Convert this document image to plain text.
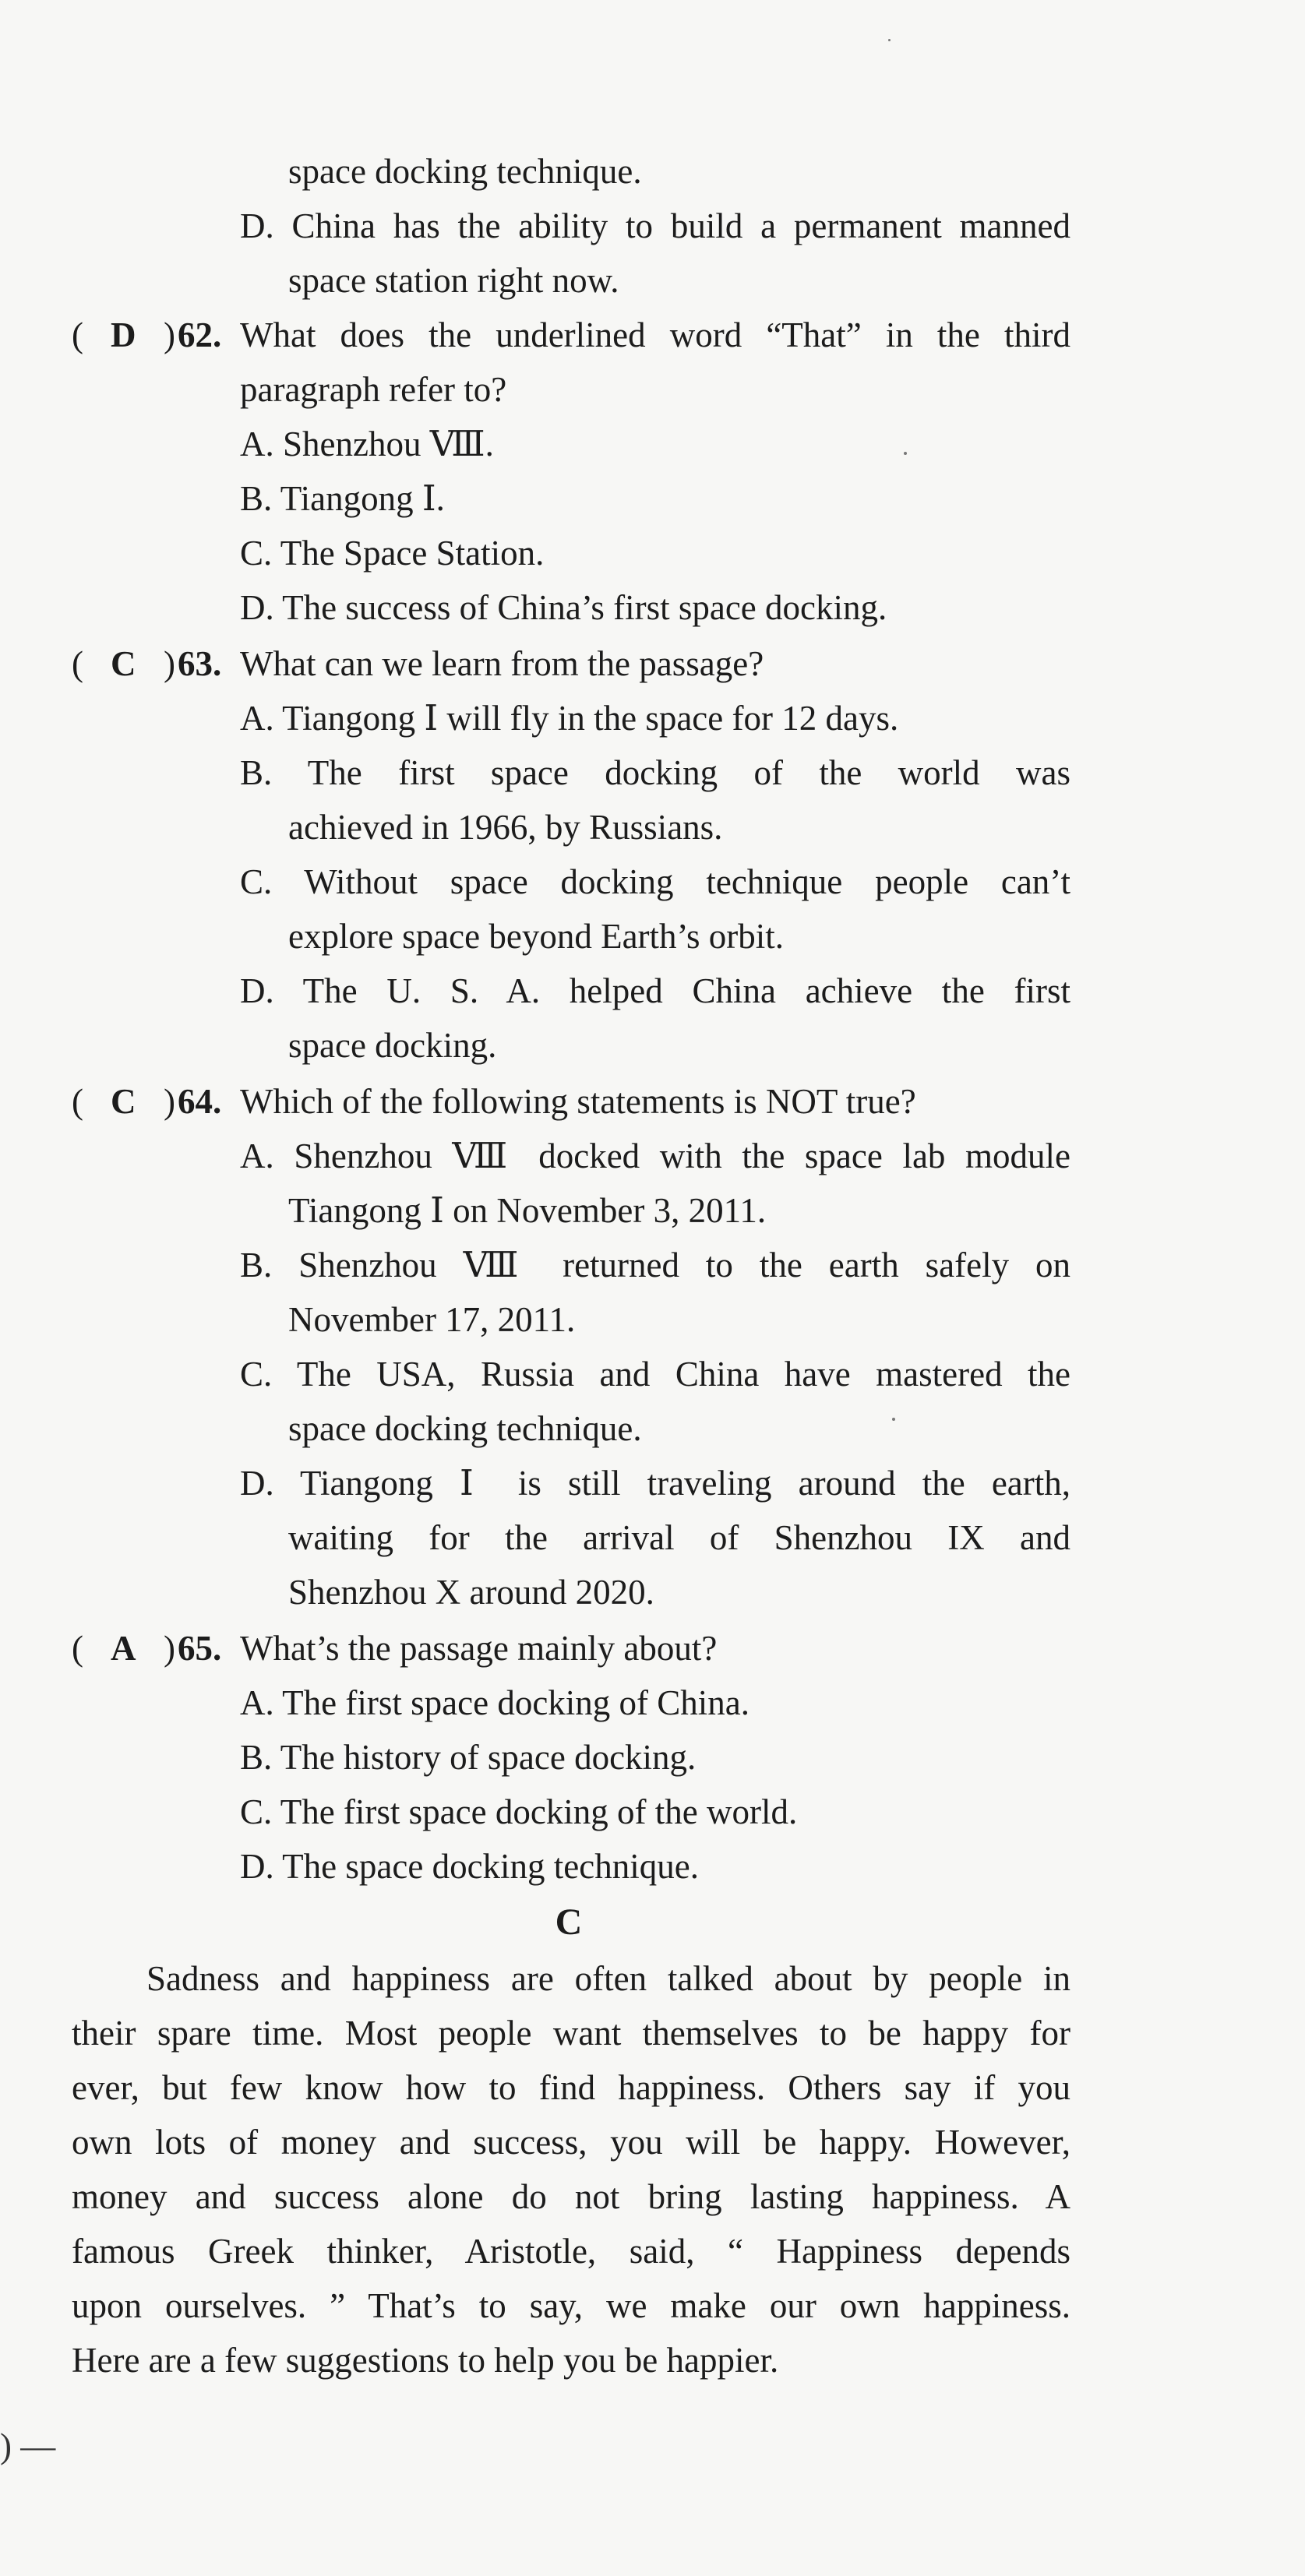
space docking technique.
D. China has the ability to build a permanent manned
space station right now.
( D ) 62. What does the underlined word “That” in the third
paragraph refer to?
A. Shenzhou Ⅷ.
B. Tiangong Ⅰ.
C. The Space Station.
D. The success of China’s first space docking.
( C ) 63. What can we learn from the passage?
A. Tiangong Ⅰ will fly in the space for 12 days.
B. The first space docking of the world was
achieved in 1966, by Russians.
C. Without space docking technique people can’t
explore space beyond Earth’s orbit.
D. The U. S. A. helped China achieve the first
space docking.
( C ) 64. Which of the following statements is NOT true?
A. Shenzhou Ⅷ docked with the space lab module
Tiangong Ⅰ on November 3, 2011.
B. Shenzhou Ⅷ returned to the earth safely on
November 17, 2011.
C. The USA, Russia and China have mastered the
space docking technique.
D. Tiangong Ⅰ is still traveling around the earth,
waiting for the arrival of Shenzhou IX and
Shenzhou X around 2020.
( A ) 65. What’s the passage mainly about?
A. The first space docking of China.
B. The history of space docking.
C. The first space docking of the world.
D. The space docking technique.
C
Sadness and happiness are often talked about by people in
their spare time. Most people want themselves to be happy for
ever, but few know how to find happiness. Others say if you
own lots of money and success, you will be happy. However,
money and success alone do not bring lasting happiness. A
famous Greek thinker, Aristotle, said, “ Happiness depends
upon ourselves. ” That’s to say, we make our own happiness.
Here are a few suggestions to help you be happier.
) —
